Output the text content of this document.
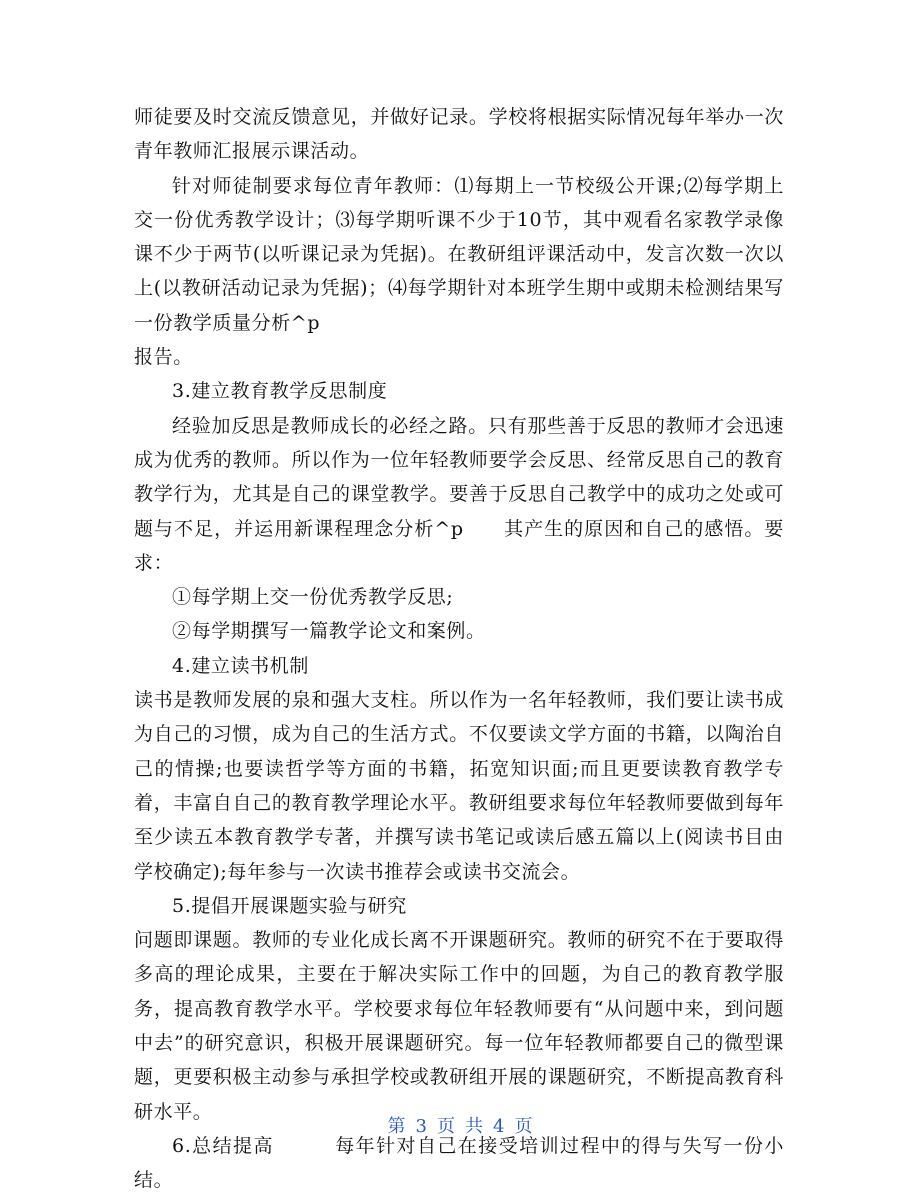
师徒要及时交流反馈意见，并做好记录。学校将根据实际情况每年举办一次青年教师汇报展示课活动。

针对师徒制要求每位青年教师：⑴每期上一节校级公开课;⑵每学期上交一份优秀教学设计；⑶每学期听课不少于10节，其中观看名家教学录像课不少于两节(以听课记录为凭据)。在教研组评课活动中，发言次数一次以上(以教研活动记录为凭据)；⑷每学期针对本班学生期中或期未检测结果写一份教学质量分析^p

报告。

3.建立教育教学反思制度

经验加反思是教师成长的必经之路。只有那些善于反思的教师才会迅速成为优秀的教师。所以作为一位年轻教师要学会反思、经常反思自己的教育教学行为，尤其是自己的课堂教学。要善于反思自己教学中的成功之处或可题与不足，并运用新课程理念分析^p　　其产生的原因和自己的感悟。要求：

①每学期上交一份优秀教学反思;

②每学期撰写一篇教学论文和案例。

4.建立读书机制

读书是教师发展的泉和强大支柱。所以作为一名年轻教师，我们要让读书成为自己的习惯，成为自己的生活方式。不仅要读文学方面的书籍，以陶治自己的情操;也要读哲学等方面的书籍，拓宽知识面;而且更要读教育教学专着，丰富自自己的教育教学理论水平。教研组要求每位年轻教师要做到每年至少读五本教育教学专著，并撰写读书笔记或读后感五篇以上(阅读书目由学校确定);每年参与一次读书推荐会或读书交流会。

5.提倡开展课题实验与研究

问题即课题。教师的专业化成长离不开课题研究。教师的研究不在于要取得多高的理论成果，主要在于解决实际工作中的回题，为自己的教育教学服务，提高教育教学水平。学校要求每位年轻教师要有“从问题中来，到问题中去”的研究意识，积极开展课题研究。每一位年轻教师都要自己的微型课题，更要积极主动参与承担学校或教研组开展的课题研究，不断提高教育科研水平。

6.总结提高　　　每年针对自己在接受培训过程中的得与失写一份小结。

第 3 页 共 4 页
